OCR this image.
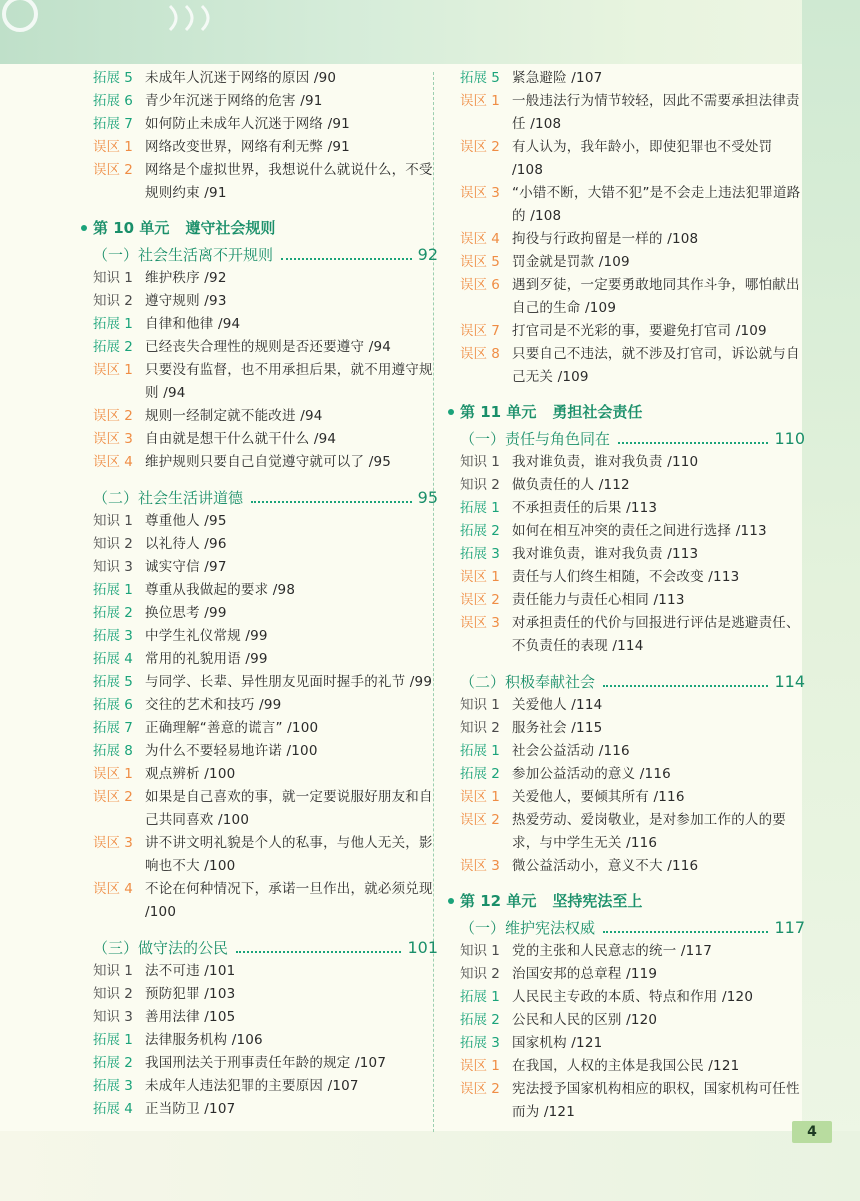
拓展 5 未成年人沉迷于网络的原因 /90
拓展 6 青少年沉迷于网络的危害 /91
拓展 7 如何防止未成年人沉迷于网络 /91
误区 1 网络改变世界，网络有利无弊 /91
误区 2 网络是个虚拟世界，我想说什么就说什么，不受规则约束 /91
第 10 单元 遵守社会规则
（一）社会生活离不开规则	92
知识 1 维护秩序 /92
知识 2 遵守规则 /93
拓展 1 自律和他律 /94
拓展 2 已经丧失合理性的规则是否还要遵守 /94
误区 1 只要没有监督，也不用承担后果，就不用遵守规则 /94
误区 2 规则一经制定就不能改进 /94
误区 3 自由就是想干什么就干什么 /94
误区 4 维护规则只要自己自觉遵守就可以了 /95
（二）社会生活讲道德	95
知识 1 尊重他人 /95
知识 2 以礼待人 /96
知识 3 诚实守信 /97
拓展 1 尊重从我做起的要求 /98
拓展 2 换位思考 /99
拓展 3 中学生礼仪常规 /99
拓展 4 常用的礼貌用语 /99
拓展 5 与同学、长辈、异性朋友见面时握手的礼节 /99
拓展 6 交往的艺术和技巧 /99
拓展 7 正确理解“善意的谎言” /100
拓展 8 为什么不要轻易地许诺 /100
误区 1 观点辨析 /100
误区 2 如果是自己喜欢的事，就一定要说服好朋友和自己共同喜欢 /100
误区 3 讲不讲文明礼貌是个人的私事，与他人无关，影响也不大 /100
误区 4 不论在何种情况下，承诺一旦作出，就必须兑现 /100
（三）做守法的公民	101
知识 1 法不可违 /101
知识 2 预防犯罪 /103
知识 3 善用法律 /105
拓展 1 法律服务机构 /106
拓展 2 我国刑法关于刑事责任年龄的规定 /107
拓展 3 未成年人违法犯罪的主要原因 /107
拓展 4 正当防卫 /107
拓展 5 紧急避险 /107
误区 1 一般违法行为情节较轻，因此不需要承担法律责任 /108
误区 2 有人认为，我年龄小，即使犯罪也不受处罚 /108
误区 3 “小错不断，大错不犯”是不会走上违法犯罪道路的 /108
误区 4 拘役与行政拘留是一样的 /108
误区 5 罚金就是罚款 /109
误区 6 遇到歹徒，一定要勇敢地同其作斗争，哪怕献出自己的生命 /109
误区 7 打官司是不光彩的事，要避免打官司 /109
误区 8 只要自己不违法，就不涉及打官司，诉讼就与自己无关 /109
第 11 单元 勇担社会责任
（一）责任与角色同在	110
知识 1 我对谁负责，谁对我负责 /110
知识 2 做负责任的人 /112
拓展 1 不承担责任的后果 /113
拓展 2 如何在相互冲突的责任之间进行选择 /113
拓展 3 我对谁负责，谁对我负责 /113
误区 1 责任与人们终生相随，不会改变 /113
误区 2 责任能力与责任心相同 /113
误区 3 对承担责任的代价与回报进行评估是逃避责任、不负责任的表现 /114
（二）积极奉献社会	114
知识 1 关爱他人 /114
知识 2 服务社会 /115
拓展 1 社会公益活动 /116
拓展 2 参加公益活动的意义 /116
误区 1 关爱他人，要倾其所有 /116
误区 2 热爱劳动、爱岗敬业，是对参加工作的人的要求，与中学生无关 /116
误区 3 微公益活动小，意义不大 /116
第 12 单元 坚持宪法至上
（一）维护宪法权威	117
知识 1 党的主张和人民意志的统一 /117
知识 2 治国安邦的总章程 /119
拓展 1 人民民主专政的本质、特点和作用 /120
拓展 2 公民和人民的区别 /120
拓展 3 国家机构 /121
误区 1 在我国，人权的主体是我国公民 /121
误区 2 宪法授予国家机构相应的职权，国家机构可任性而为 /121
4
